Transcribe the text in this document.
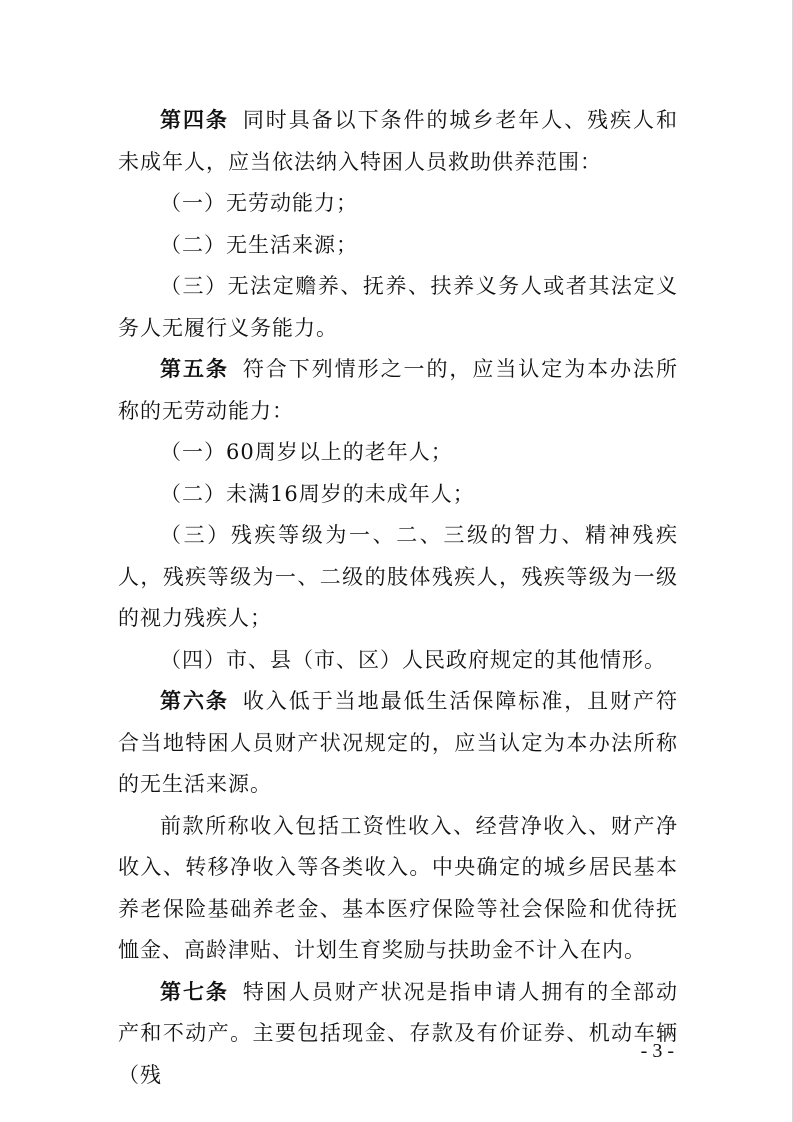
第四条 同时具备以下条件的城乡老年人、残疾人和未成年人，应当依法纳入特困人员救助供养范围：

（一）无劳动能力；

（二）无生活来源；

（三）无法定赡养、抚养、扶养义务人或者其法定义务人无履行义务能力。

第五条 符合下列情形之一的，应当认定为本办法所称的无劳动能力：

（一）60周岁以上的老年人；

（二）未满16周岁的未成年人；

（三）残疾等级为一、二、三级的智力、精神残疾人，残疾等级为一、二级的肢体残疾人，残疾等级为一级的视力残疾人；

（四）市、县（市、区）人民政府规定的其他情形。

第六条 收入低于当地最低生活保障标准，且财产符合当地特困人员财产状况规定的，应当认定为本办法所称的无生活来源。

前款所称收入包括工资性收入、经营净收入、财产净收入、转移净收入等各类收入。中央确定的城乡居民基本养老保险基础养老金、基本医疗保险等社会保险和优待抚恤金、高龄津贴、计划生育奖励与扶助金不计入在内。

第七条 特困人员财产状况是指申请人拥有的全部动产和不动产。主要包括现金、存款及有价证券、机动车辆（残

- 3 -
